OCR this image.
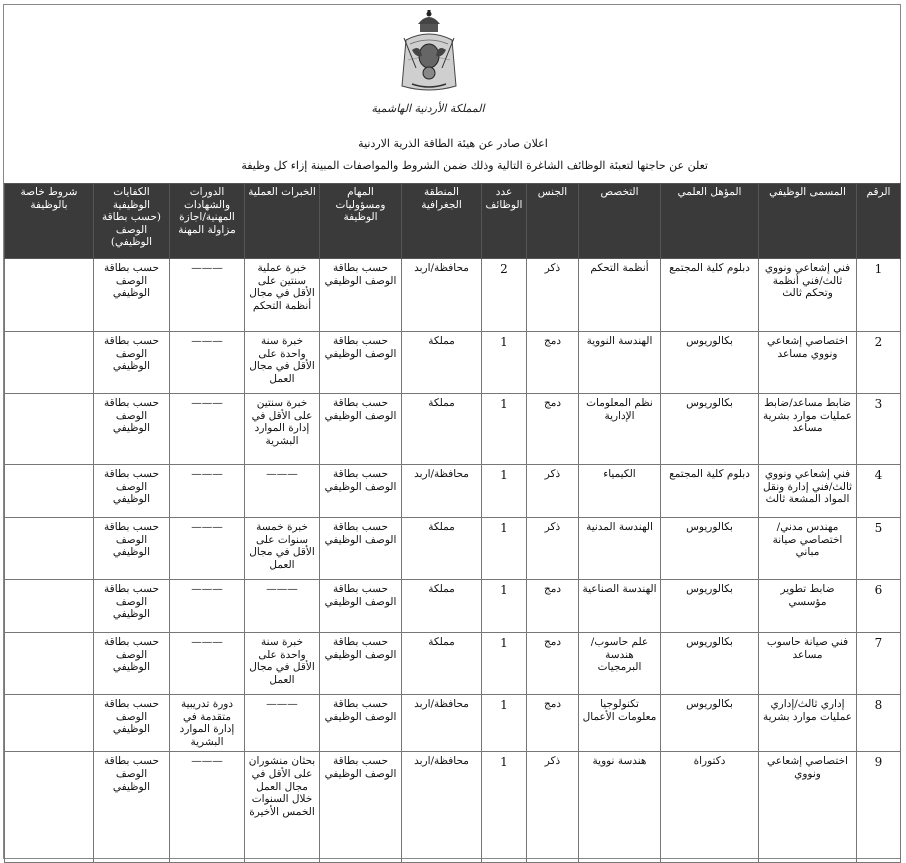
المملكة الأردنية الهاشمية
اعلان صادر عن هيئة الطاقة الذرية الاردنية
تعلن عن حاجتها لتعبئة الوظائف الشاغرة التالية وذلك ضمن الشروط والمواصفات المبينة إزاء كل وظيفة
الرقم	المسمى الوظيفي	المؤهل العلمي	التخصص	الجنس	عدد الوظائف	المنطقة الجغرافية	المهام ومسؤوليات الوظيفة	الخبرات العملية	الدورات والشهادات المهنية/اجازة مزاولة المهنة	الكفايات الوظيفية (حسب بطاقة الوصف الوظيفي)	شروط خاصة بالوظيفة
1	فني إشعاعي ونووي ثالث/فني أنظمة وتحكم ثالث	دبلوم كلية المجتمع	أنظمة التحكم	ذكر	2	محافظة/اربد	حسب بطاقة الوصف الوظيفي	خبرة عملية سنتين على الأقل في مجال أنظمة التحكم	———	حسب بطاقة الوصف الوظيفي	
2	اختصاصي إشعاعي ونووي مساعد	بكالوريوس	الهندسة النووية	دمج	1	مملكة	حسب بطاقة الوصف الوظيفي	خبرة سنة واحدة على الأقل في مجال العمل	———	حسب بطاقة الوصف الوظيفي	
3	ضابط مساعد/ضابط عمليات موارد بشرية مساعد	بكالوريوس	نظم المعلومات الإدارية	دمج	1	مملكة	حسب بطاقة الوصف الوظيفي	خبرة سنتين على الأقل في إدارة الموارد البشرية	———	حسب بطاقة الوصف الوظيفي	
4	فني إشعاعي ونووي ثالث/فني إدارة ونقل المواد المشعة ثالث	دبلوم كلية المجتمع	الكيمياء	ذكر	1	محافظة/اربد	حسب بطاقة الوصف الوظيفي	———	———	حسب بطاقة الوصف الوظيفي	
5	مهندس مدني/اختصاصي صيانة مباني	بكالوريوس	الهندسة المدنية	ذكر	1	مملكة	حسب بطاقة الوصف الوظيفي	خبرة خمسة سنوات على الأقل في مجال العمل	———	حسب بطاقة الوصف الوظيفي	
6	ضابط تطوير مؤسسي	بكالوريوس	الهندسة الصناعية	دمج	1	مملكة	حسب بطاقة الوصف الوظيفي	———	———	حسب بطاقة الوصف الوظيفي	
7	فني صيانة حاسوب مساعد	بكالوريوس	علم حاسوب/ هندسة البرمجيات	دمج	1	مملكة	حسب بطاقة الوصف الوظيفي	خبرة سنة واحدة على الأقل في مجال العمل	———	حسب بطاقة الوصف الوظيفي	
8	إداري ثالث/إداري عمليات موارد بشرية	بكالوريوس	تكنولوجيا معلومات الأعمال	دمج	1	محافظة/اربد	حسب بطاقة الوصف الوظيفي	———	دورة تدريبية متقدمة في إدارة الموارد البشرية	حسب بطاقة الوصف الوظيفي	
9	اختصاصي إشعاعي ونووي	دكتوراة	هندسة نووية	ذكر	1	محافظة/اربد	حسب بطاقة الوصف الوظيفي	بحثان منشوران على الأقل في مجال العمل خلال السنوات الخمس الأخيرة	———	حسب بطاقة الوصف الوظيفي	
